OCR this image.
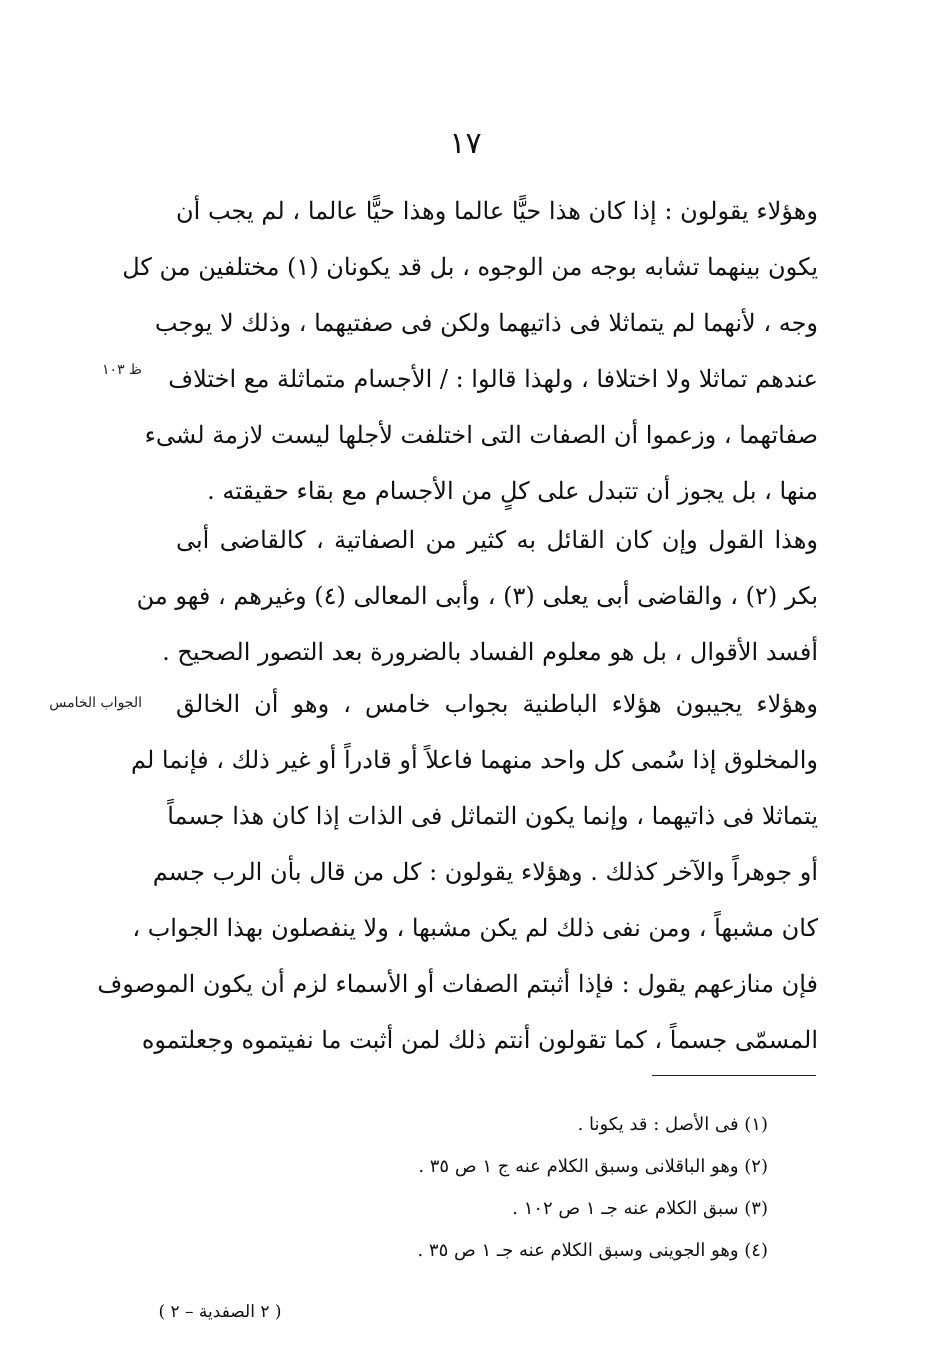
١٧
وهؤلاء يقولون : إذا كان هذا حيًّا عالما وهذا حيًّا عالما ، لم يجب أن
يكون بينهما تشابه بوجه من الوجوه ، بل قد يكونان (١) مختلفين من كل
وجه ، لأنهما لم يتماثلا فى ذاتيهما ولكن فى صفتيهما ، وذلك لا يوجب
عندهم تماثلا ولا اختلافا ، ولهذا قالوا : / الأجسام متماثلة مع اختلاف
صفاتهما ، وزعموا أن الصفات التى اختلفت لأجلها ليست لازمة لشىء
منها ، بل يجوز أن تتبدل على كلٍ من الأجسام مع بقاء حقيقته .
ظ ١٠٣
وهذا القول وإن كان القائل به كثير من الصفاتية ، كالقاضى أبى
بكر (٢) ، والقاضى أبى يعلى (٣) ، وأبى المعالى (٤) وغيرهم ، فهو من
أفسد الأقوال ، بل هو معلوم الفساد بالضرورة بعد التصور الصحيح .
الجواب الخامس وهؤلاء يجيبون هؤلاء الباطنية بجواب خامس ، وهو أن الخالق
والمخلوق إذا سُمى كل واحد منهما فاعلاً أو قادراً أو غير ذلك ، فإنما لم
يتماثلا فى ذاتيهما ، وإنما يكون التماثل فى الذات إذا كان هذا جسماً
أو جوهراً والآخر كذلك . وهؤلاء يقولون : كل من قال بأن الرب جسم
كان مشبهاً ، ومن نفى ذلك لم يكن مشبها ، ولا ينفصلون بهذا الجواب ،
فإن منازعهم يقول : فإذا أثبتم الصفات أو الأسماء لزم أن يكون الموصوف
المسمّى جسماً ، كما تقولون أنتم ذلك لمن أثبت ما نفيتموه وجعلتموه
(١) فى الأصل : قد يكونا .
(٢) وهو الباقلانى وسبق الكلام عنه ج ١ ص ٣٥ .
(٣) سبق الكلام عنه جـ ١ ص ١٠٢ .
(٤) وهو الجوينى وسبق الكلام عنه جـ ١ ص ٣٥ .
( ٢ الصفدية – ٢ )
